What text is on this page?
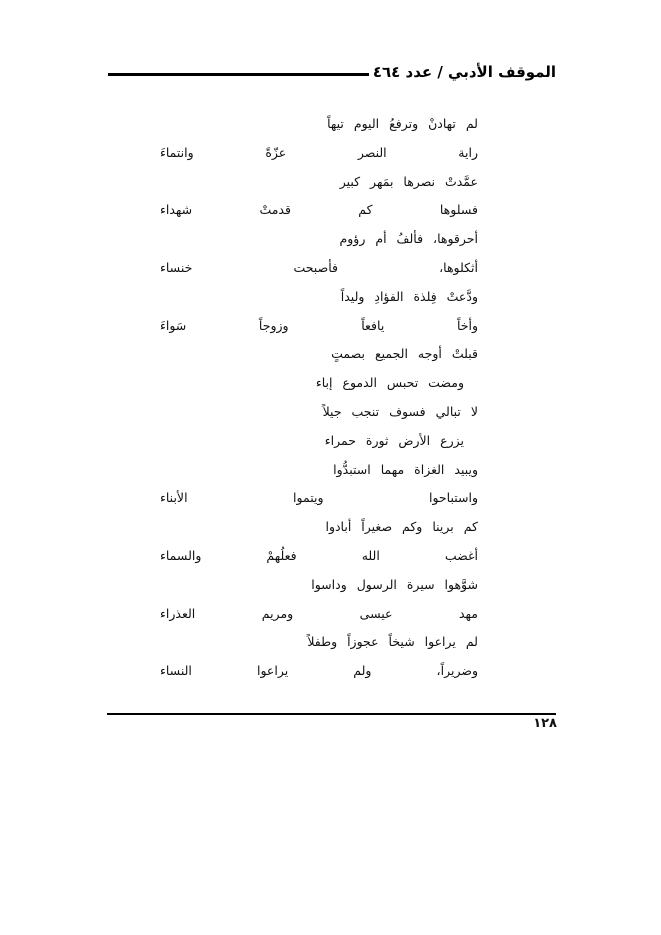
الموقف الأدبي / عدد ٤٦٤
لم تهادنْ وترفعُ اليوم تيهاً
راية النصر عزّةً وانتماءَ
عمَّدتْ نصرها بمَهر كبير
فسلوها كم قدمتْ شهداء
أحرقوها، فألفُ أم رؤوم
أثكلوها، فأصبحت خنساء
ودَّعتْ فِلذة الفؤادِ وليداً
وأخاً يافعاً وزوجاً سَواءَ
قبلتْ أوجه الجميع بصمتٍ
ومضت تحبس الدموع إباء
لا تبالي فسوف تنجب جيلاً
يزرع الأرض ثورة حمراء
ويبيد الغزاة مهما استبدُّوا
واستباحوا ويتموا الأبناء
كم برينا وكم صغيراً أبادوا
أغضب الله فعلُهمْ والسماء
شوَّهوا سيرة الرسول وداسوا
مهد عيسى ومريم العذراء
لم يراعوا شيخاً عجوزاً وطفلاً
وضريراً، ولم يراعوا النساء
١٢٨
